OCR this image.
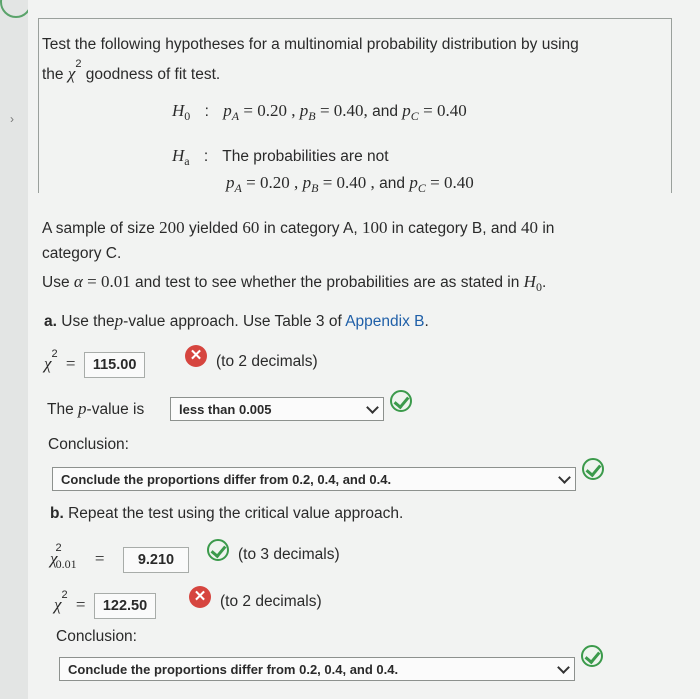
›
Test the following hypotheses for a multinomial probability distribution by using
the $\chi^2$ goodness of fit test.
$H_0$ : $p_A = 0.20$ , $p_B = 0.40$, and $p_C = 0.40$
$H_a$ : The probabilities are not
$p_A = 0.20$ , $p_B = 0.40$ , and $p_C = 0.40$
A sample of size 200 yielded 60 in category A, 100 in category B, and 40 in
category C.
Use α = 0.01 and test to see whether the probabilities are as stated in $H_0$.
a. Use thep-value approach. Use Table 3 of Appendix B.
$\chi^2 = 115.00$
✕ (to 2 decimals)
The p-value is	less than 0.005
Conclusion:
Conclude the proportions differ from 0.2, 0.4, and 0.4.
b. Repeat the test using the critical value approach.
$\chi^2_{0.01} = 9.210$	(to 3 decimals)
$\chi^2 = 122.50$
✕ (to 2 decimals)
Conclusion:
Conclude the proportions differ from 0.2, 0.4, and 0.4.
